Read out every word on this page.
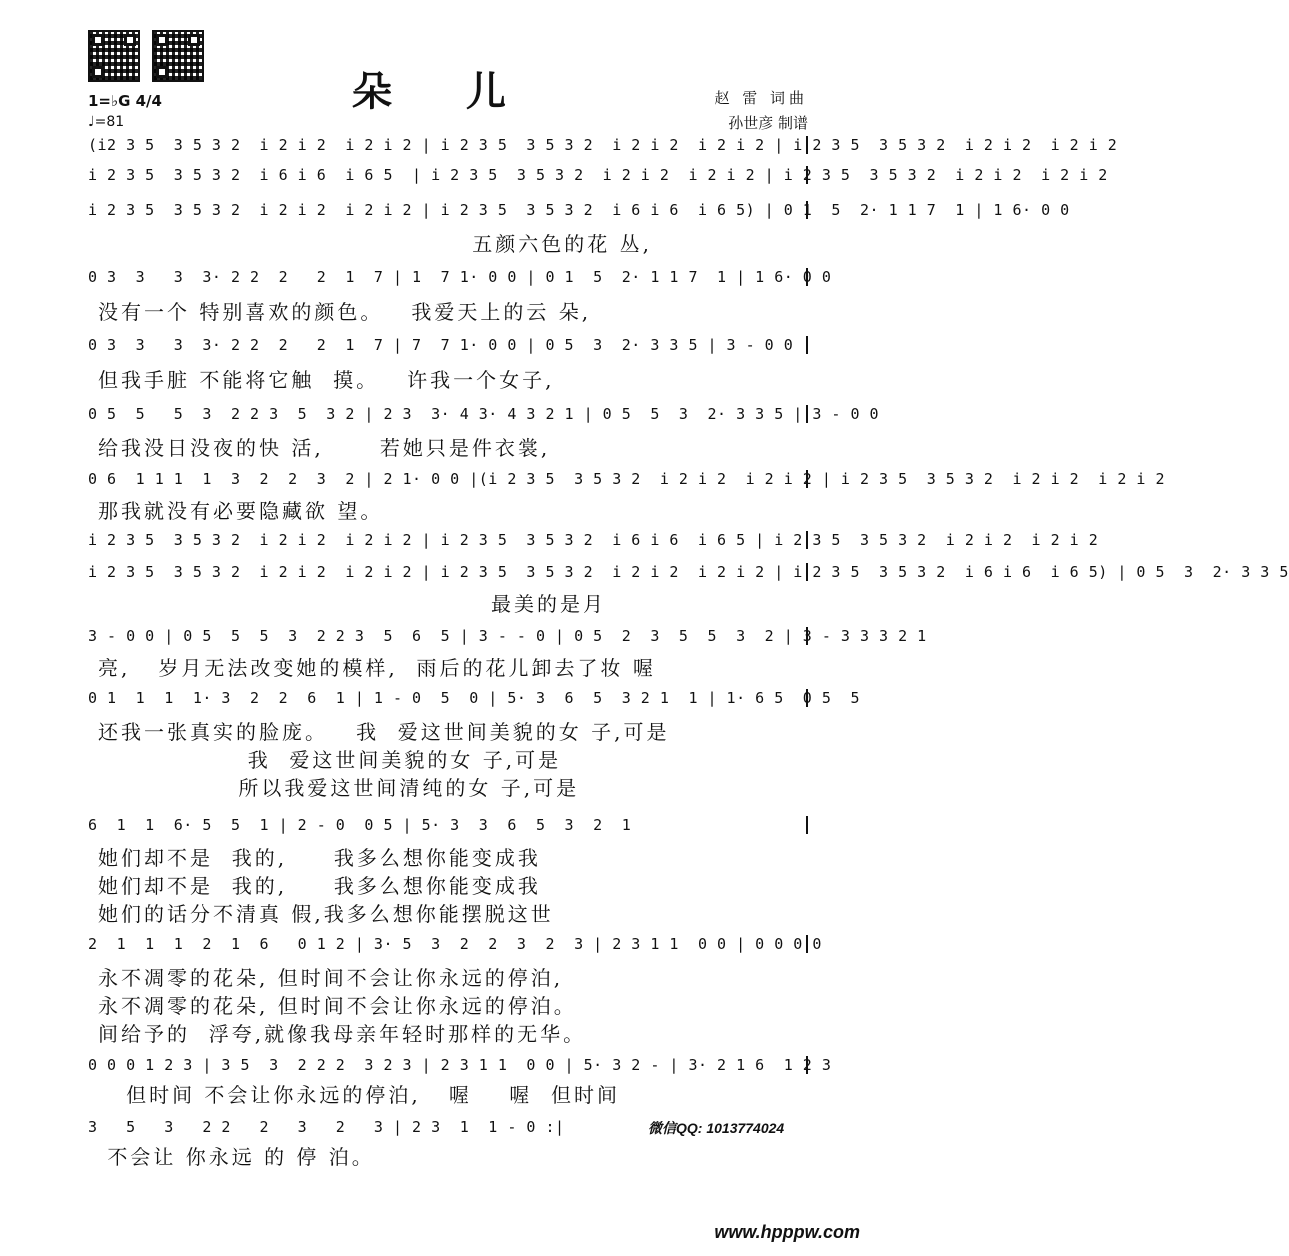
朵 儿	赵 雷 词曲
孙世彦 制谱
1=♭G 4/4
♩=81
(i2 3 5  3 5 3 2  i 2 i 2  i 2 i 2 | i 2 3 5  3 5 3 2  i 2 i 2  i 2 i 2 | i 2 3 5  3 5 3 2  i 2 i 2  i 2 i 2
i 2 3 5  3 5 3 2  i 6 i 6  i 6 5  | i 2 3 5  3 5 3 2  i 2 i 2  i 2 i 2 | i 2 3 5  3 5 3 2  i 2 i 2  i 2 i 2
i 2 3 5  3 5 3 2  i 2 i 2  i 2 i 2 | i 2 3 5  3 5 3 2  i 6 i 6  i 6 5) | 0 1  5  2· 1 1 7  1 | 1 6· 0 0
五颜六色的花 丛,
0 3  3   3  3· 2 2  2   2  1  7 | 1  7 1· 0 0 | 0 1  5  2· 1 1 7  1 | 1 6· 0 0
没有一个 特别喜欢的颜色。   我爱天上的云 朵,
0 3  3   3  3· 2 2  2   2  1  7 | 7  7 1· 0 0 | 0 5  3  2· 3 3 5 | 3 - 0 0
但我手脏 不能将它触  摸。   许我一个女子,
0 5  5   5  3  2 2 3  5  3 2 | 2 3  3· 4 3· 4 3 2 1 | 0 5  5  3  2· 3 3 5 | 3 - 0 0
给我没日没夜的快 活,      若她只是件衣裳,
0 6  1 1 1  1  3  2  2  3  2 | 2 1· 0 0 |(i 2 3 5  3 5 3 2  i 2 i 2  i 2 i 2 | i 2 3 5  3 5 3 2  i 2 i 2  i 2 i 2
那我就没有必要隐藏欲 望。
i 2 3 5  3 5 3 2  i 2 i 2  i 2 i 2 | i 2 3 5  3 5 3 2  i 6 i 6  i 6 5 | i 2 3 5  3 5 3 2  i 2 i 2  i 2 i 2
i 2 3 5  3 5 3 2  i 2 i 2  i 2 i 2 | i 2 3 5  3 5 3 2  i 2 i 2  i 2 i 2 | i 2 3 5  3 5 3 2  i 6 i 6  i 6 5) | 0 5  3  2· 3 3 5
最美的是月
3 - 0 0 | 0 5  5  5  3  2 2 3  5  6  5 | 3 - - 0 | 0 5  2  3  5  5  3  2 | 3 - 3 3 3 2 1
亮,   岁月无法改变她的模样,  雨后的花儿卸去了妆 喔
0 1  1  1  1· 3  2  2  6  1 | 1 - 0  5  0 | 5· 3  6  5  3 2 1  1 | 1· 6 5  0 5  5
还我一张真实的脸庞。   我  爱这世间美貌的女 子,可是
我  爱这世间美貌的女 子,可是
所以我爱这世间清纯的女 子,可是
6  1  1  6· 5  5  1 | 2 - 0  0 5 | 5· 3  3  6  5  3  2  1
她们却不是  我的,     我多么想你能变成我
她们却不是  我的,     我多么想你能变成我
她们的话分不清真 假,我多么想你能摆脱这世
2  1  1  1  2  1  6   0 1 2 | 3· 5  3  2  2  3  2  3 | 2 3 1 1  0 0 | 0 0 0 0
永不凋零的花朵, 但时间不会让你永远的停泊,
永不凋零的花朵, 但时间不会让你永远的停泊。
间给予的  浮夸,就像我母亲年轻时那样的无华。
0 0 0 1 2 3 | 3 5  3  2 2 2  3 2 3 | 2 3 1 1  0 0 | 5· 3 2 - | 3· 2 1 6  1 2 3
但时间 不会让你永远的停泊,   喔    喔  但时间
3   5   3   2 2   2   3   2   3 | 2 3  1  1 - 0 :|
不会让 你永远 的 停 泊。
微信QQ: 1013774024
www.hpppw.com
